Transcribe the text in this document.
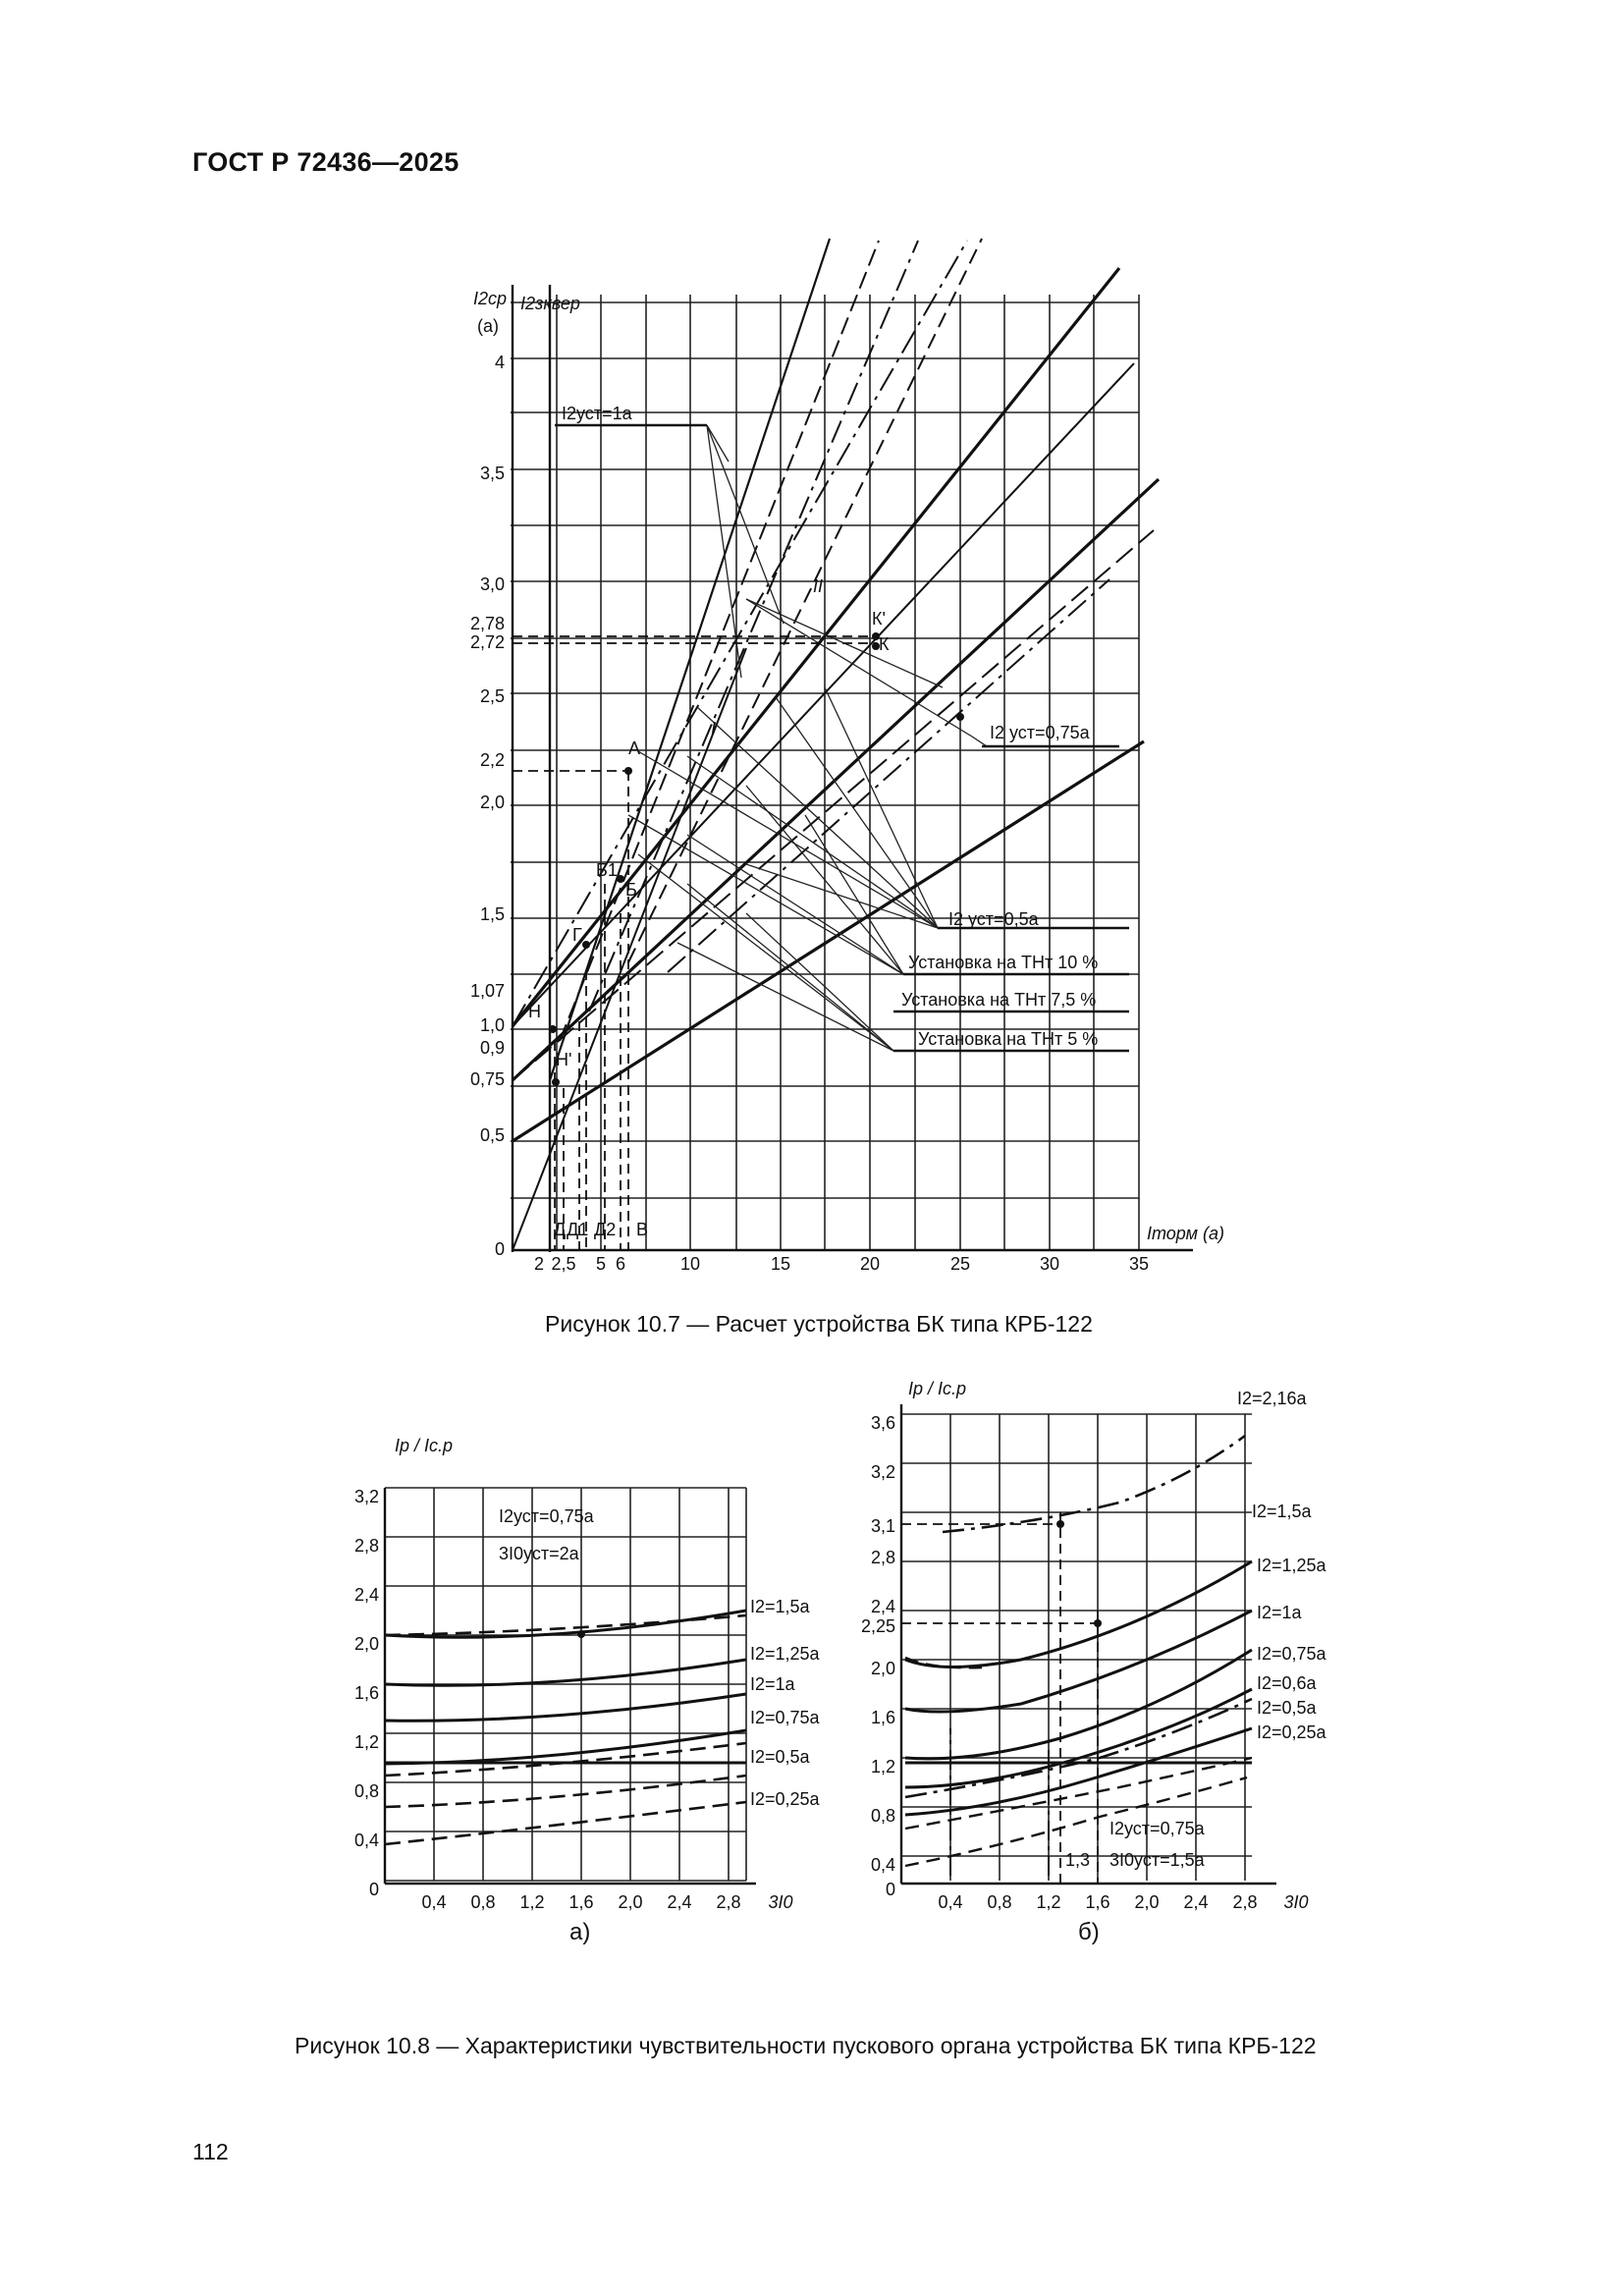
ГОСТ Р 72436—2025
4
3,5
3,0
2,78
2,72
2,5
2,2
2,0
1,5
1,07
1,0
0,9
0,75
0,5
0
2 2,5 5 6	10	15	20	25	30	35
I2ср
(а)
I2зквер
Iторм (а)
I2уст=1а
I2 уст=0,75а
I2 уст=0,5а
Установка на ТНт 10 %
Установка на ТНт 7,5 %
Установка на ТНт 5 %
II
I
К'
К
А
Б1
Б
Г
Н
Н'
Д Д1 Д2 В
Рисунок 10.7 — Расчет устройства БК типа КРБ-122
3,2
2,8
2,4
2,0
1,6
1,2
0,8
0,4
0
0,4 0,8 1,2 1,6 2,0 2,4 2,8 3I0
Iр / Iс.р
I2уст=0,75а
3I0уст=2а
I2=1,5а
I2=1,25а
I2=1а
I2=0,75а
I2=0,5а
I2=0,25а
а)
3,6
3,2
3,1
2,8
2,4
2,25
2,0
1,6
1,2
0,8
0,4
0
0,4 0,8 1,2 1,6 2,0 2,4 2,8 3I0
Iр / Iс.р
I2уст=0,75а
1,3 3I0уст=1,5а
I2=2,16а
I2=1,5а
I2=1,25а
I2=1а
I2=0,75а
I2=0,6а
I2=0,5а
I2=0,25а
б)
Рисунок 10.8 — Характеристики чувствительности пускового органа устройства БК типа КРБ-122
112
